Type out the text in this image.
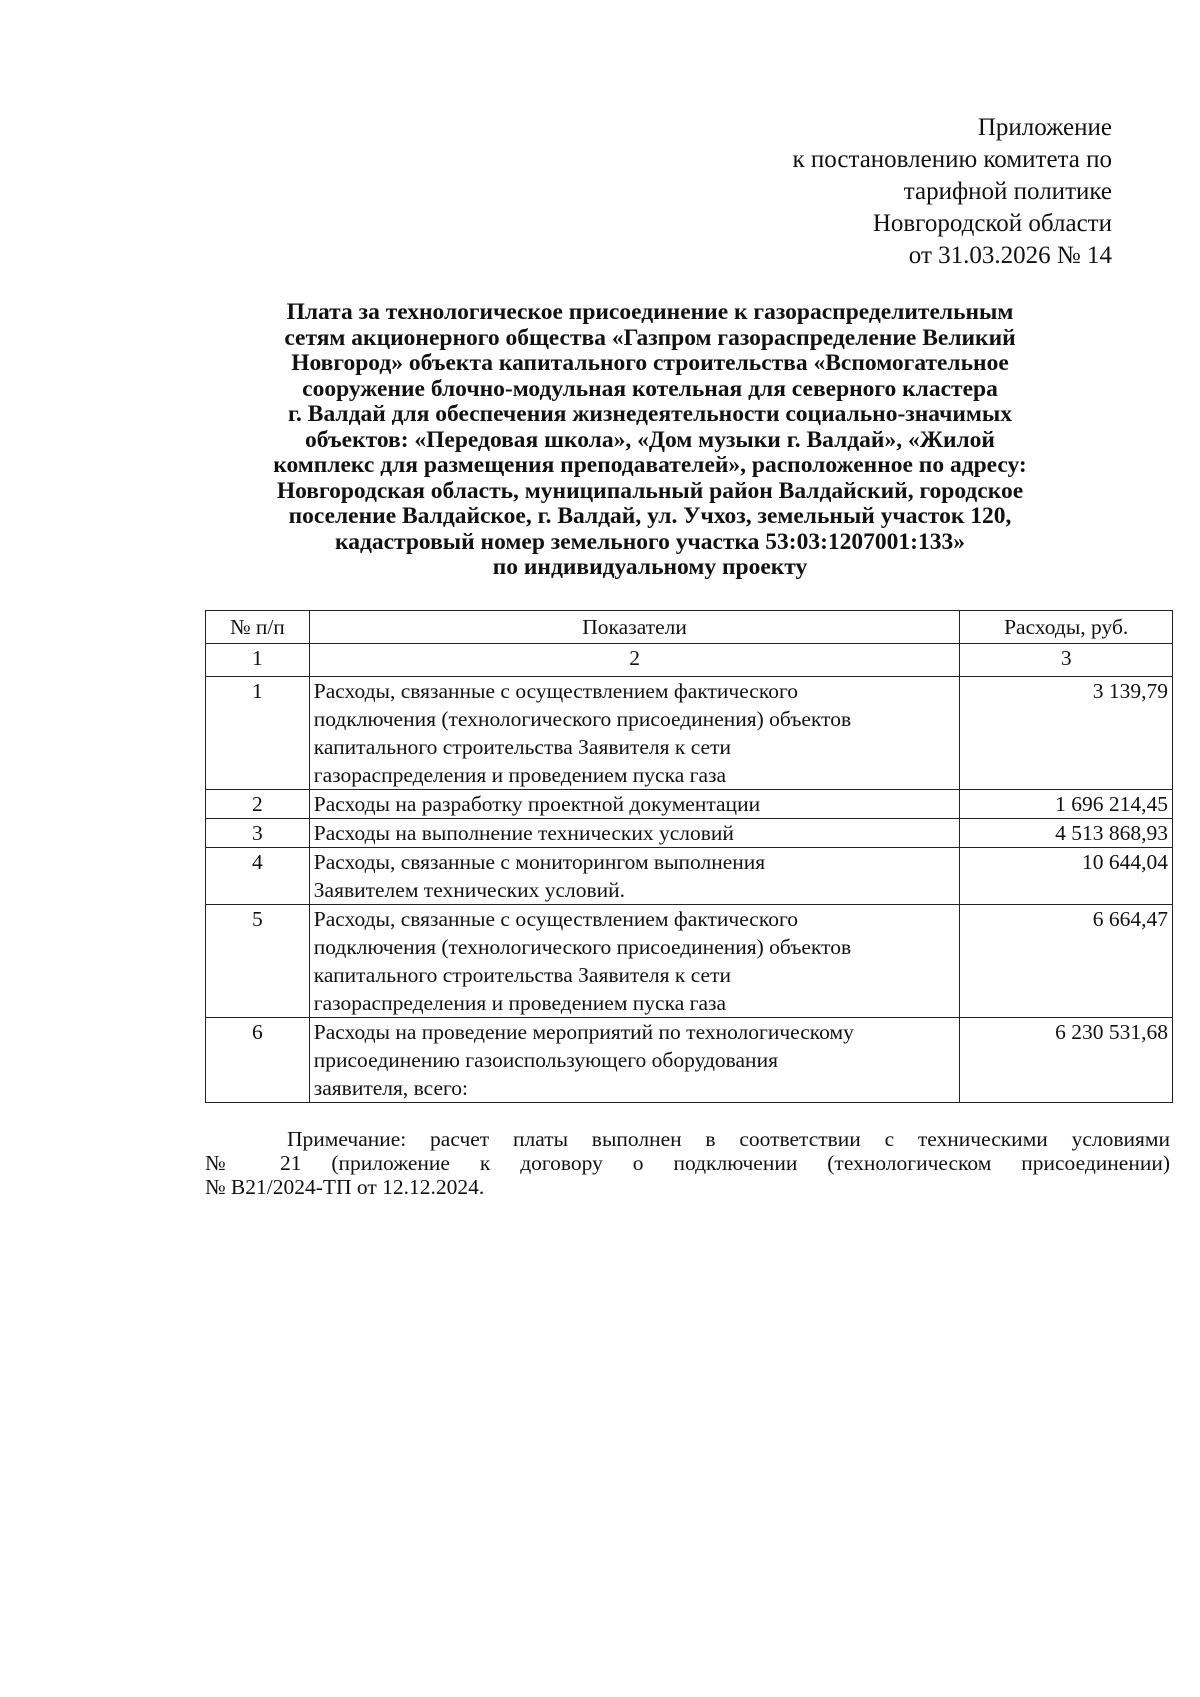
Приложение
к постановлению комитета по
тарифной политике
Новгородской области
от 31.03.2026 № 14
Плата за технологическое присоединение к газораспределительным
сетям акционерного общества «Газпром газораспределение Великий
Новгород» объекта капитального строительства «Вспомогательное
сооружение блочно-модульная котельная для северного кластера
г. Валдай для обеспечения жизнедеятельности социально-значимых
объектов: «Передовая школа», «Дом музыки г. Валдай», «Жилой
комплекс для размещения преподавателей», расположенное по адресу:
Новгородская область, муниципальный район Валдайский, городское
поселение Валдайское, г. Валдай, ул. Учхоз, земельный участок 120,
кадастровый номер земельного участка 53:03:1207001:133»
по индивидуальному проекту
№ п/п	Показатели	Расходы, руб.
1	2	3
1	Расходы, связанные с осуществлением фактического
подключения (технологического присоединения) объектов
капитального строительства Заявителя к сети
газораспределения и проведением пуска газа	3 139,79
2	Расходы на разработку проектной документации	1 696 214,45
3	Расходы на выполнение технических условий	4 513 868,93
4	Расходы, связанные с мониторингом выполнения
Заявителем технических условий.	10 644,04
5	Расходы, связанные с осуществлением фактического
подключения (технологического присоединения) объектов
капитального строительства Заявителя к сети
газораспределения и проведением пуска газа	6 664,47
6	Расходы на проведение мероприятий по технологическому
присоединению газоиспользующего оборудования
заявителя, всего:	6 230 531,68
Примечание: расчет платы выполнен в соответствии с техническими условиями
№ 21 (приложение к договору о подключении (технологическом присоединении)
№ В21/2024-ТП от 12.12.2024.
